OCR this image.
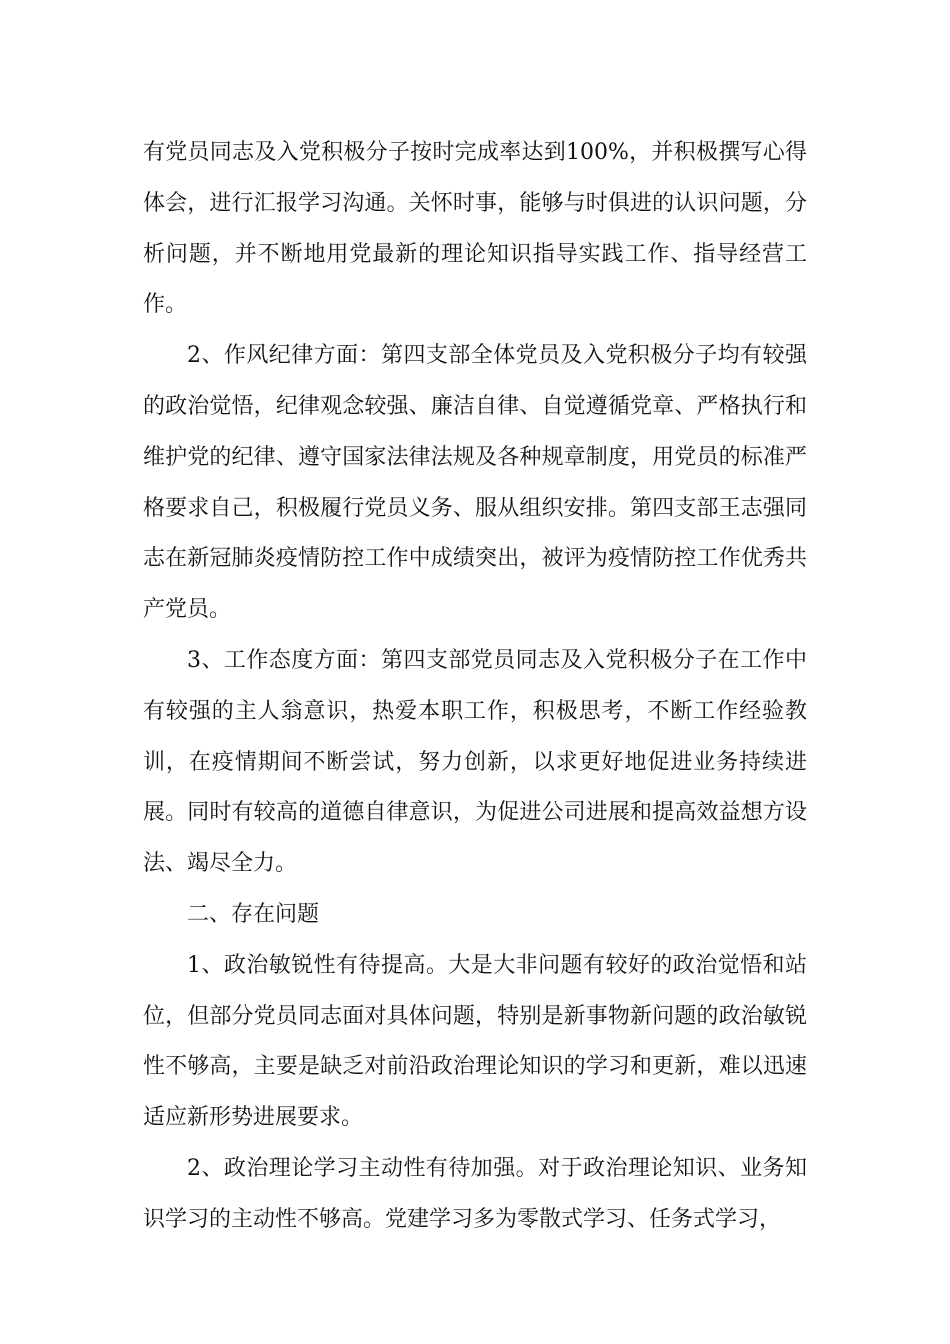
有党员同志及入党积极分子按时完成率达到100%，并积极撰写心得体会，进行汇报学习沟通。关怀时事，能够与时俱进的认识问题，分析问题，并不断地用党最新的理论知识指导实践工作、指导经营工作。

2、作风纪律方面：第四支部全体党员及入党积极分子均有较强的政治觉悟，纪律观念较强、廉洁自律、自觉遵循党章、严格执行和维护党的纪律、遵守国家法律法规及各种规章制度，用党员的标准严格要求自己，积极履行党员义务、服从组织安排。第四支部王志强同志在新冠肺炎疫情防控工作中成绩突出，被评为疫情防控工作优秀共产党员。

3、工作态度方面：第四支部党员同志及入党积极分子在工作中有较强的主人翁意识，热爱本职工作，积极思考，不断工作经验教训，在疫情期间不断尝试，努力创新，以求更好地促进业务持续进展。同时有较高的道德自律意识，为促进公司进展和提高效益想方设法、竭尽全力。

二、存在问题

1、政治敏锐性有待提高。大是大非问题有较好的政治觉悟和站位，但部分党员同志面对具体问题，特别是新事物新问题的政治敏锐性不够高，主要是缺乏对前沿政治理论知识的学习和更新，难以迅速适应新形势进展要求。

2、政治理论学习主动性有待加强。对于政治理论知识、业务知识学习的主动性不够高。党建学习多为零散式学习、任务式学习，
